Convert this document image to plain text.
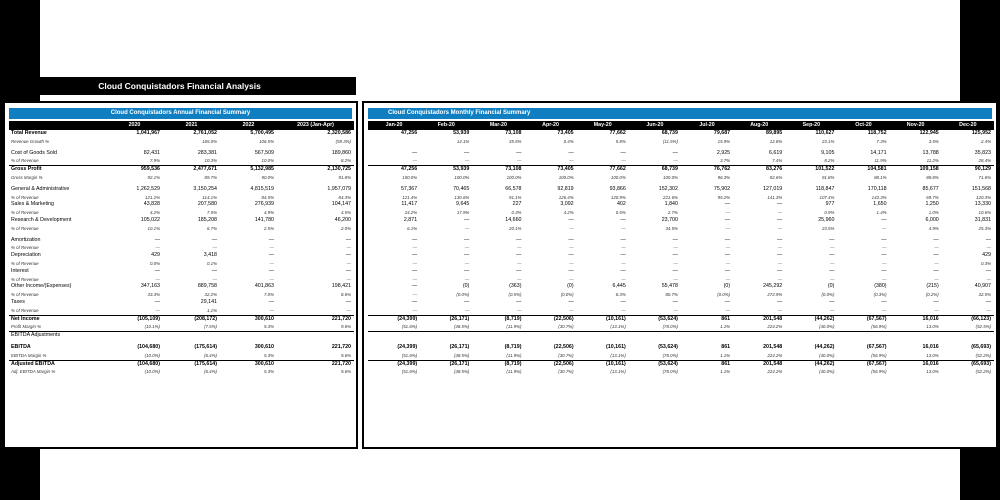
Cloud Conquistadors Financial Analysis
Cloud Conquistadors Annual Financial Summary
	2020	2021	2022	2023 (Jan-Apr)
Total Revenue	1,041,967	2,761,052	5,700,495	2,320,586
Revenue Growth %		165.0%	106.5%	(59.3%)

Cost of Goods Sold	82,431	283,381	567,509	189,860
% of Revenue	7.9%	10.3%	10.0%	8.2%
Gross Profit	959,536	2,477,671	5,132,985	2,130,725
Gross Margin %	92.1%	89.7%	90.0%	91.8%

General & Administrative	1,262,529	3,150,254	4,815,519	1,957,079
% of Revenue	121.2%	114.1%	84.5%	84.3%
Sales & Marketing	43,828	207,580	276,939	104,147
% of Revenue	4.2%	7.5%	4.9%	4.5%
Research & Development	105,022	185,208	141,780	46,200
% of Revenue	10.1%	6.7%	2.5%	2.0%

Amortization	—	—	—	—
% of Revenue	—	—	—	—
Depreciation	429	3,418	—	—
% of Revenue	0.0%	0.1%	—	—
Interest	—	—	—	—
% of Revenue	—	—	—	—
Other Income/(Expenses)	347,163	889,758	401,863	198,421
% of Revenue	33.3%	32.2%	7.0%	8.6%
Taxes	—	29,141	—	—
% of Revenue	—	1.1%	—	—
Net Income	(105,109)	(208,172)	300,610	221,720
Profit Margin %	(10.1%)	(7.5%)	5.3%	9.6%
EBITDA Adjustments				

EBITDA	(104,680)	(175,614)	300,610	221,720
EBITDA Margin %	(10.0%)	(6.4%)	5.3%	9.6%
Adjusted EBITDA	(104,680)	(175,614)	300,610	221,720
Adj. EBITDA Margin %	(10.0%)	(6.4%)	5.3%	9.6%
Cloud Conquistadors Monthly Financial Summary
Jan-20	Feb-20	Mar-20	Apr-20	May-20	Jun-20	Jul-20	Aug-20	Sep-20	Oct-20	Nov-20	Dec-20
47,256	53,939	73,108	73,405	77,662	68,739	79,687	89,895	110,627	118,752	122,945	125,952
	14.1%	35.5%	0.4%	5.8%	(11.5%)	15.9%	12.8%	23.1%	7.3%	3.5%	2.4%

—	—	—	—	—	—	2,925	6,619	9,105	14,171	13,788	35,823
—	—	—	—	—	—	3.7%	7.4%	8.2%	11.9%	11.2%	28.4%
47,256	53,939	73,108	73,405	77,662	68,739	76,762	83,276	101,522	104,581	109,158	90,129
100.0%	100.0%	100.0%	100.0%	100.0%	100.0%	96.3%	92.6%	91.8%	88.1%	88.8%	71.6%

57,367	70,465	66,578	92,819	93,866	152,302	75,902	127,019	118,847	170,118	85,677	151,568
121.4%	130.6%	91.1%	126.4%	120.9%	221.6%	95.2%	141.3%	107.4%	143.3%	69.7%	120.3%
11,417	9,645	227	3,092	402	1,840	—	—	977	1,650	1,250	13,330
24.2%	17.9%	0.3%	4.2%	0.5%	2.7%	—	—	0.9%	1.4%	1.0%	10.6%
2,871	—	14,660	—	—	23,700	—	—	25,960	—	6,000	31,831
6.1%	—	20.1%	—	—	34.5%	—	—	23.5%	—	4.9%	25.3%

—	—	—	—	—	—	—	—	—	—	—	—
—	—	—	—	—	—	—	—	—	—	—	—
—	—	—	—	—	—	—	—	—	—	—	429
—	—	—	—	—	—	—	—	—	—	—	0.3%
—	—	—	—	—	—	—	—	—	—	—	—
—	—	—	—	—	—	—	—	—	—	—	—
—	(0)	(363)	(0)	6,445	55,478	(0)	245,292	(0)	(380)	(215)	40,907
—	(0.0%)	(0.5%)	(0.0%)	8.3%	80.7%	(0.0%)	272.9%	(0.0%)	(0.3%)	(0.2%)	32.5%
—	—	—	—	—	—	—	—	—	—	—	—
—	—	—	—	—	—	—	—	—	—	—	—
(24,399)	(26,171)	(8,719)	(22,506)	(10,161)	(53,624)	861	201,548	(44,262)	(67,567)	16,016	(66,123)
(51.6%)	(48.5%)	(11.9%)	(30.7%)	(13.1%)	(78.0%)	1.1%	224.2%	(40.0%)	(56.9%)	13.0%	(52.5%)

(24,399)	(26,171)	(8,719)	(22,506)	(10,161)	(53,624)	861	201,548	(44,262)	(67,567)	16,016	(65,693)
(51.6%)	(48.5%)	(11.9%)	(30.7%)	(13.1%)	(78.0%)	1.1%	224.2%	(40.0%)	(56.9%)	13.0%	(52.2%)
(24,399)	(26,171)	(8,719)	(22,506)	(10,161)	(53,624)	861	201,548	(44,262)	(67,567)	16,016	(65,693)
(51.6%)	(48.5%)	(11.9%)	(30.7%)	(13.1%)	(78.0%)	1.1%	224.2%	(40.0%)	(56.9%)	13.0%	(52.2%)
